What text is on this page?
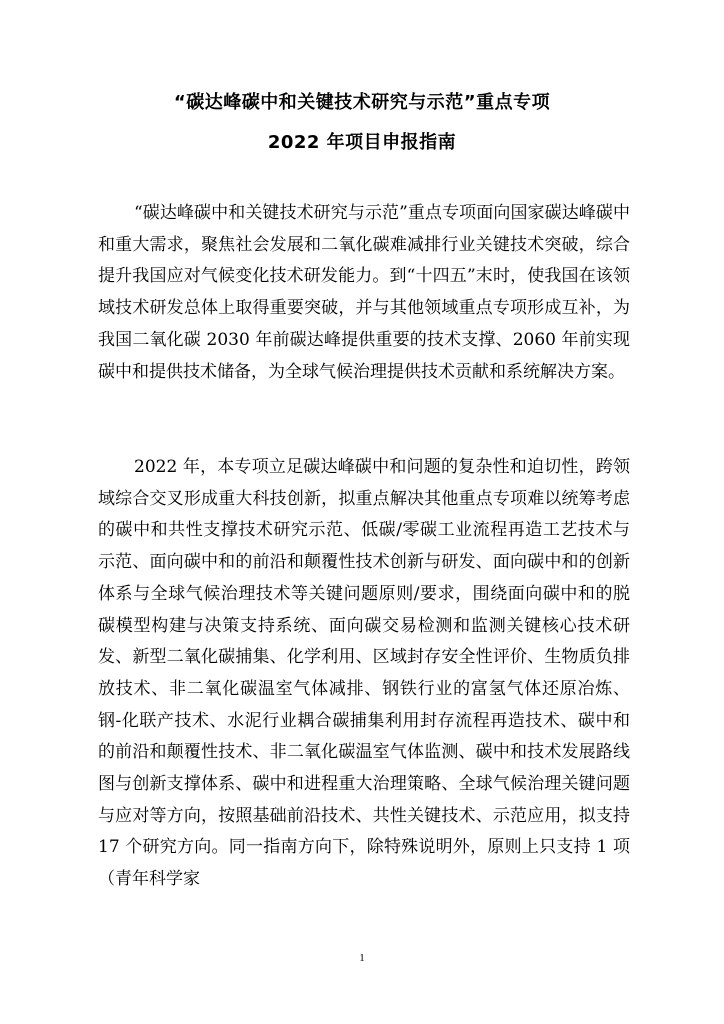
“碳达峰碳中和关键技术研究与示范”重点专项
2022 年项目申报指南

“碳达峰碳中和关键技术研究与示范”重点专项面向国家碳达峰碳中和重大需求，聚焦社会发展和二氧化碳难减排行业关键技术突破，综合提升我国应对气候变化技术研发能力。到“十四五”末时，使我国在该领域技术研发总体上取得重要突破，并与其他领域重点专项形成互补，为我国二氧化碳 2030 年前碳达峰提供重要的技术支撑、2060 年前实现碳中和提供技术储备，为全球气候治理提供技术贡献和系统解决方案。

2022 年，本专项立足碳达峰碳中和问题的复杂性和迫切性，跨领域综合交叉形成重大科技创新，拟重点解决其他重点专项难以统筹考虑的碳中和共性支撑技术研究示范、低碳/零碳工业流程再造工艺技术与示范、面向碳中和的前沿和颠覆性技术创新与研发、面向碳中和的创新体系与全球气候治理技术等关键问题原则/要求，围绕面向碳中和的脱碳模型构建与决策支持系统、面向碳交易检测和监测关键核心技术研发、新型二氧化碳捕集、化学利用、区域封存安全性评价、生物质负排放技术、非二氧化碳温室气体减排、钢铁行业的富氢气体还原冶炼、钢-化联产技术、水泥行业耦合碳捕集利用封存流程再造技术、碳中和的前沿和颠覆性技术、非二氧化碳温室气体监测、碳中和技术发展路线图与创新支撑体系、碳中和进程重大治理策略、全球气候治理关键问题与应对等方向，按照基础前沿技术、共性关键技术、示范应用，拟支持 17 个研究方向。同一指南方向下，除特殊说明外，原则上只支持 1 项（青年科学家

1
